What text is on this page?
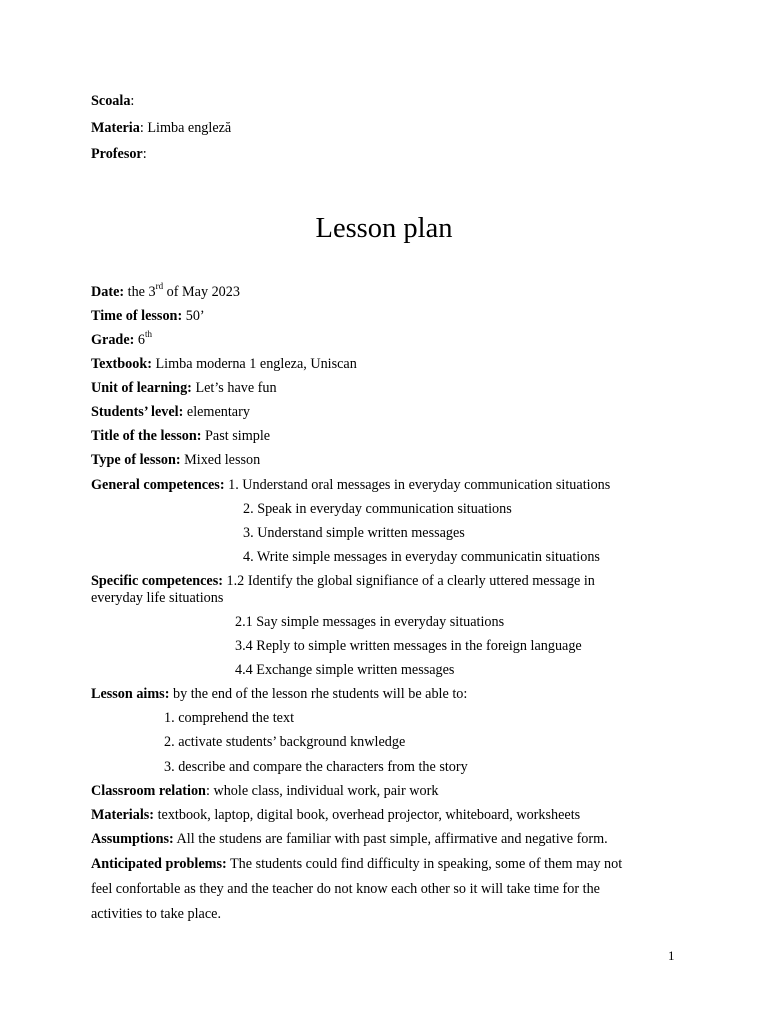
Scoala:
Materia: Limba engleză
Profesor:
Lesson plan
Date: the 3rd of May 2023
Time of lesson: 50’
Grade: 6th
Textbook: Limba moderna 1 engleza, Uniscan
Unit of learning: Let’s have fun
Students’ level: elementary
Title of the lesson: Past simple
Type of lesson: Mixed lesson
General competences: 1. Understand oral messages in everyday communication situations
2. Speak in everyday communication situations
3. Understand simple written messages
4. Write simple messages in everyday communicatin situations
Specific competences: 1.2 Identify the global signifiance of a clearly uttered message in
everyday life situations
2.1 Say simple messages in everyday situations
3.4 Reply to simple written messages in the foreign language
4.4 Exchange simple written messages
Lesson aims: by the end of the lesson rhe students will be able to:
1. comprehend the text
2. activate students’ background knwledge
3. describe and compare the characters from the story
Classroom relation: whole class, individual work, pair work
Materials: textbook, laptop, digital book, overhead projector, whiteboard, worksheets
Assumptions: All the studens are familiar with past simple, affirmative and negative form.
Anticipated problems: The students could find difficulty in speaking, some of them may not
feel confortable as they and the teacher do not know each other so it will take time for the
activities to take place.
1
